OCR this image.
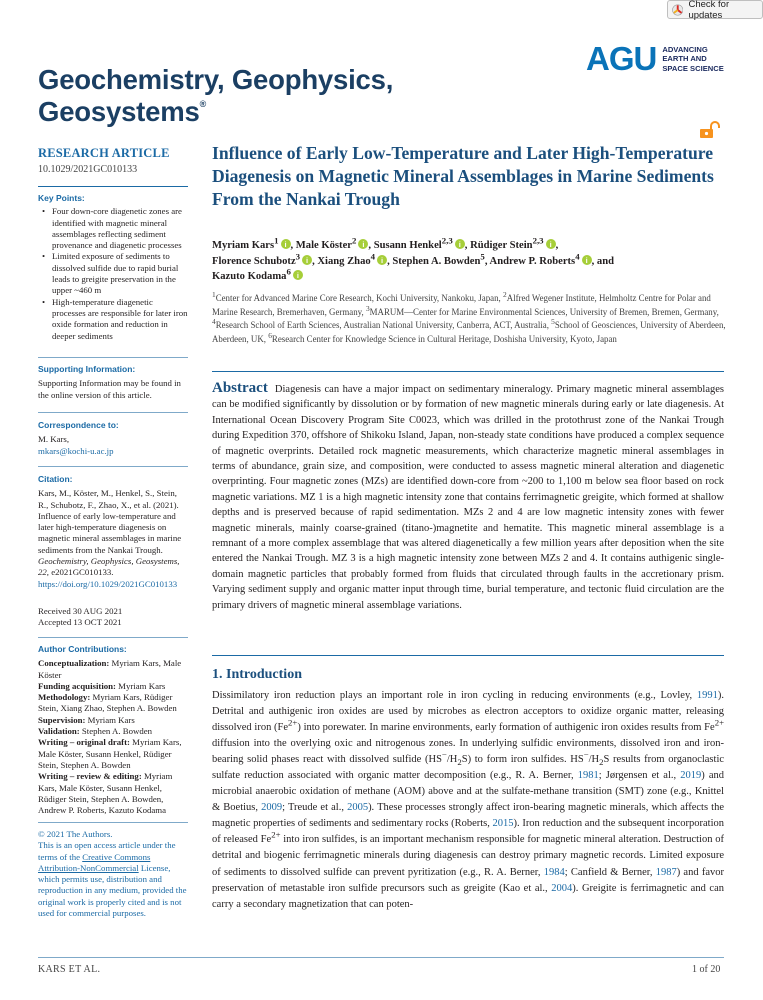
Check for updates
AGU ADVANCING
EARTH AND
SPACE SCIENCE
Geochemistry, Geophysics,
Geosystems®
RESEARCH ARTICLE
10.1029/2021GC010133
Key Points:
• Four down-core diagenetic zones are identified with magnetic mineral assemblages reflecting sediment provenance and diagenetic processes
• Limited exposure of sediments to dissolved sulfide due to rapid burial leads to greigite preservation in the upper ~460 m
• High-temperature diagenetic processes are responsible for later iron oxide formation and reduction in deeper sediments
Supporting Information:
Supporting Information may be found in the online version of this article.
Correspondence to:
M. Kars,
mkars@kochi-u.ac.jp
Citation:
Kars, M., Köster, M., Henkel, S., Stein, R., Schubotz, F., Zhao, X., et al. (2021). Influence of early low-temperature and later high-temperature diagenesis on magnetic mineral assemblages in marine sediments from the Nankai Trough. Geochemistry, Geophysics, Geosystems, 22, e2021GC010133. https://doi.org/10.1029/2021GC010133
Received 30 AUG 2021
Accepted 13 OCT 2021
Author Contributions:

Conceptualization: Myriam Kars, Male Köster

Funding acquisition: Myriam Kars

Methodology: Myriam Kars, Rüdiger Stein, Xiang Zhao, Stephen A. Bowden

Supervision: Myriam Kars

Validation: Stephen A. Bowden

Writing – original draft: Myriam Kars, Male Köster, Susann Henkel, Rüdiger Stein, Stephen A. Bowden

Writing – review & editing: Myriam Kars, Male Köster, Susann Henkel, Rüdiger Stein, Stephen A. Bowden, Andrew P. Roberts, Kazuto Kodama

© 2021 The Authors.
This is an open access article under the terms of the Creative Commons Attribution-NonCommercial License, which permits use, distribution and reproduction in any medium, provided the original work is properly cited and is not used for commercial purposes.
Influence of Early Low-Temperature and Later High-Temperature Diagenesis on Magnetic Mineral Assemblages in Marine Sediments From the Nankai Trough
Myriam Kars$^1$ i , Male Köster$^2$ i , Susann Henkel$^{2,3}$ i , Rüdiger Stein$^{2,3}$ i ,
Florence Schubotz$^3$ i , Xiang Zhao$^4$ i , Stephen A. Bowden$^5$, Andrew P. Roberts$^4$ i , and
Kazuto Kodama$^6$i
$^1$Center for Advanced Marine Core Research, Kochi University, Nankoku, Japan, $^2$Alfred Wegener Institute, Helmholtz Centre for Polar and Marine Research, Bremerhaven, Germany, $^3$MARUM—Center for Marine Environmental Sciences, University of Bremen, Bremen, Germany, $^4$Research School of Earth Sciences, Australian National University, Canberra, ACT, Australia, $^5$School of Geosciences, University of Aberdeen, Aberdeen, UK, $^6$Research Center for Knowledge Science in Cultural Heritage, Doshisha University, Kyoto, Japan
Abstract Diagenesis can have a major impact on sedimentary mineralogy. Primary magnetic mineral assemblages can be modified significantly by dissolution or by formation of new magnetic minerals during early or late diagenesis. At International Ocean Discovery Program Site C0023, which was drilled in the protothrust zone of the Nankai Trough during Expedition 370, offshore of Shikoku Island, Japan, non-steady state conditions have produced a complex sequence of magnetic overprints. Detailed rock magnetic measurements, which characterize magnetic mineral assemblages in terms of abundance, grain size, and composition, were conducted to assess magnetic mineral alteration and diagenetic overprinting. Four magnetic zones (MZs) are identified down-core from ~200 to 1,100 m below sea floor based on rock magnetic variations. MZ 1 is a high magnetic intensity zone that contains ferrimagnetic greigite, which formed at shallow depths and is preserved because of rapid sedimentation. MZs 2 and 4 are low magnetic intensity zones with fewer magnetic minerals, mainly coarse-grained (titano-)magnetite and hematite. This magnetic mineral assemblage is a remnant of a more complex assemblage that was altered diagenetically a few million years after deposition when the site entered the Nankai Trough. MZ 3 is a high magnetic intensity zone between MZs 2 and 4. It contains authigenic single-domain magnetic particles that probably formed from fluids that circulated through faults in the accretionary prism. Varying sediment supply and organic matter input through time, burial temperature, and tectonic fluid circulation are the primary drivers of magnetic mineral assemblage variations.
1. Introduction
Dissimilatory iron reduction plays an important role in iron cycling in reducing environments (e.g., Lovley, 1991). Detrital and authigenic iron oxides are used by microbes as electron acceptors to oxidize organic matter, releasing dissolved iron $(Fe^{2+})$ into porewater. In marine environments, early formation of authigenic iron oxides results from $Fe^{2+}$ diffusion into the overlying oxic and nitrogenous zones. In underlying sulfidic environments, dissolved iron and iron-bearing solid phases react with dissolved sulfide $(HS^-/H_2S)$ to form iron sulfides. $HS^-/H_2S$ results from organoclastic sulfate reduction associated with organic matter decomposition (e.g., R. A. Berner, 1981; Jørgensen et al., 2019) and microbial anaerobic oxidation of methane (AOM) above and at the sulfate-methane transition (SMT) zone (e.g., Knittel & Boetius, 2009; Treude et al., 2005). These processes strongly affect iron-bearing magnetic minerals, which affects the magnetic properties of sediments and sedimentary rocks (Roberts, 2015). Iron reduction and the subsequent incorporation of released $Fe^{2+}$ into iron sulfides, is an important mechanism responsible for magnetic mineral alteration. Destruction of detrital and biogenic ferrimagnetic minerals during diagenesis can destroy primary magnetic records. Limited exposure of sediments to dissolved sulfide can prevent pyritization (e.g., R. A. Berner, 1984; Canfield & Berner, 1987) and favor preservation of metastable iron sulfide precursors such as greigite (Kao et al., 2004). Greigite is ferrimagnetic and can carry a secondary magnetization that can poten-
KARS ET AL.	1 of 20
